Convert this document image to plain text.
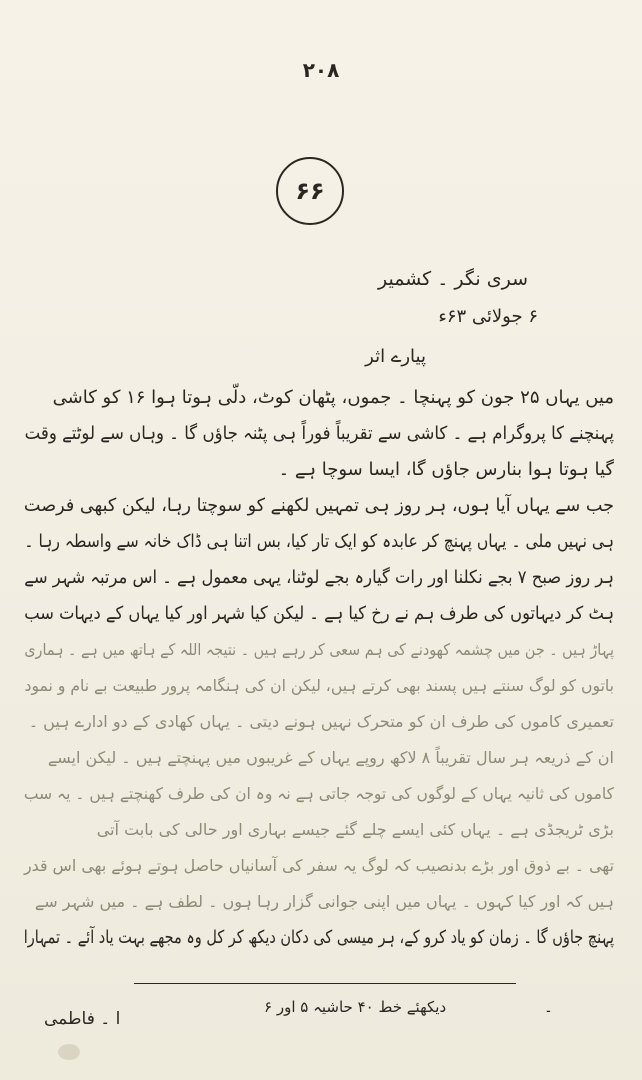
۲۰۸
۶۶
سری نگر ۔ کشمیر
۶ جولائی ۶۳ء
پیارے اثر
میں یہاں ۲۵ جون کو پہنچا ۔ جموں، پٹھان کوٹ، دلّی ہوتا ہوا ۱۶ کو کاشی
پہنچنے کا پروگرام ہے ۔ کاشی سے تقریباً فوراً ہی پٹنہ جاؤں گا ۔ وہاں سے لوٹتے وقت
گیا ہوتا ہوا بنارس جاؤں گا، ایسا سوچا ہے ۔
جب سے یہاں آیا ہوں، ہر روز ہی تمہیں لکھنے کو سوچتا رہا، لیکن کبھی فرصت
ہی نہیں ملی ۔ یہاں پہنچ کر عابدہ کو ایک تار کیا، بس اتنا ہی ڈاک خانہ سے واسطہ رہا ۔
ہر روز صبح ۷ بجے نکلنا اور رات گیارہ بجے لوٹنا، یہی معمول ہے ۔ اس مرتبہ شہر سے
ہٹ کر دیہاتوں کی طرف ہم نے رخ کیا ہے ۔ لیکن کیا شہر اور کیا یہاں کے دیہات سب
پہاڑ ہیں ۔ جن میں چشمہ کھودنے کی ہم سعی کر رہے ہیں ۔ نتیجہ اللہ کے ہاتھ میں ہے ۔ ہماری
باتوں کو لوگ سنتے ہیں پسند بھی کرتے ہیں، لیکن ان کی ہنگامہ پرور طبیعت بے نام و نمود
تعمیری کاموں کی طرف ان کو متحرک نہیں ہونے دیتی ۔ یہاں کھادی کے دو ادارے ہیں ۔
ان کے ذریعہ ہر سال تقریباً ۸ لاکھ روپے یہاں کے غریبوں میں پہنچتے ہیں ۔ لیکن ایسے
کاموں کی ثانیہ یہاں کے لوگوں کی توجہ جاتی ہے نہ وہ ان کی طرف کھنچتے ہیں ۔ یہ سب
بڑی ٹریجڈی ہے ۔ یہاں کئی ایسے چلے گئے جیسے بہاری اور حالی کی بابت آتی
تھی ۔ بے ذوق اور بڑے بدنصیب کہ لوگ یہ سفر کی آسانیاں حاصل ہوتے ہوئے بھی اس قدر
ہیں کہ اور کیا کہوں ۔ یہاں میں اپنی جوانی گزار رہا ہوں ۔ لطف ہے ۔ میں شہر سے
پہنچ جاؤں گا ۔ زمان کو یاد کرو کے، ہر میسی کی دکان دیکھ کر کل وہ مجھے بہت یاد آئے ۔ تمہارا
دیکھئے خط ۴۰ حاشیہ ۵ اور ۶	۔
ا ۔ فاطمی
